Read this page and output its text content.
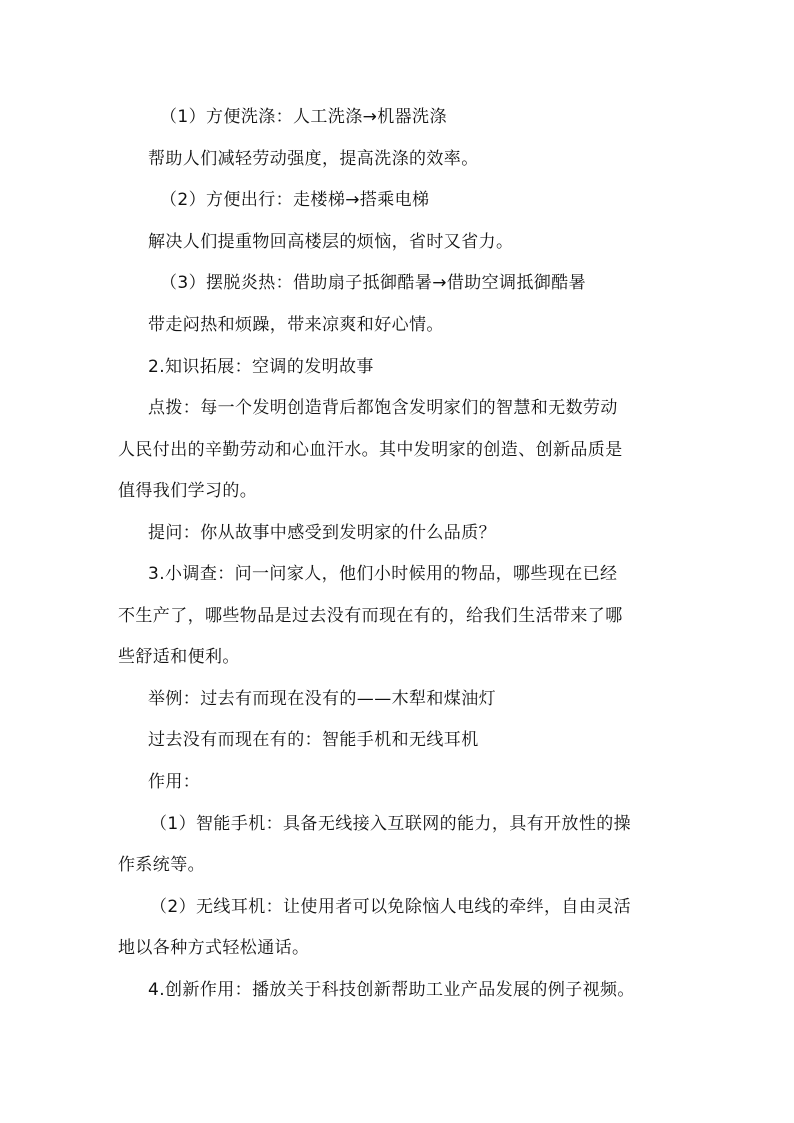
（1）方便洗涤：人工洗涤→机器洗涤
帮助人们减轻劳动强度，提高洗涤的效率。
（2）方便出行：走楼梯→搭乘电梯
解决人们提重物回高楼层的烦恼，省时又省力。
（3）摆脱炎热：借助扇子抵御酷暑→借助空调抵御酷暑
带走闷热和烦躁，带来凉爽和好心情。
2.知识拓展：空调的发明故事
点拨：每一个发明创造背后都饱含发明家们的智慧和无数劳动
人民付出的辛勤劳动和心血汗水。其中发明家的创造、创新品质是
值得我们学习的。
提问：你从故事中感受到发明家的什么品质？
3.小调查：问一问家人，他们小时候用的物品，哪些现在已经
不生产了，哪些物品是过去没有而现在有的，给我们生活带来了哪
些舒适和便利。
举例：过去有而现在没有的——木犁和煤油灯
过去没有而现在有的：智能手机和无线耳机
作用：
（1）智能手机：具备无线接入互联网的能力，具有开放性的操
作系统等。
（2）无线耳机：让使用者可以免除恼人电线的牵绊，自由灵活
地以各种方式轻松通话。
4.创新作用：播放关于科技创新帮助工业产品发展的例子视频。
